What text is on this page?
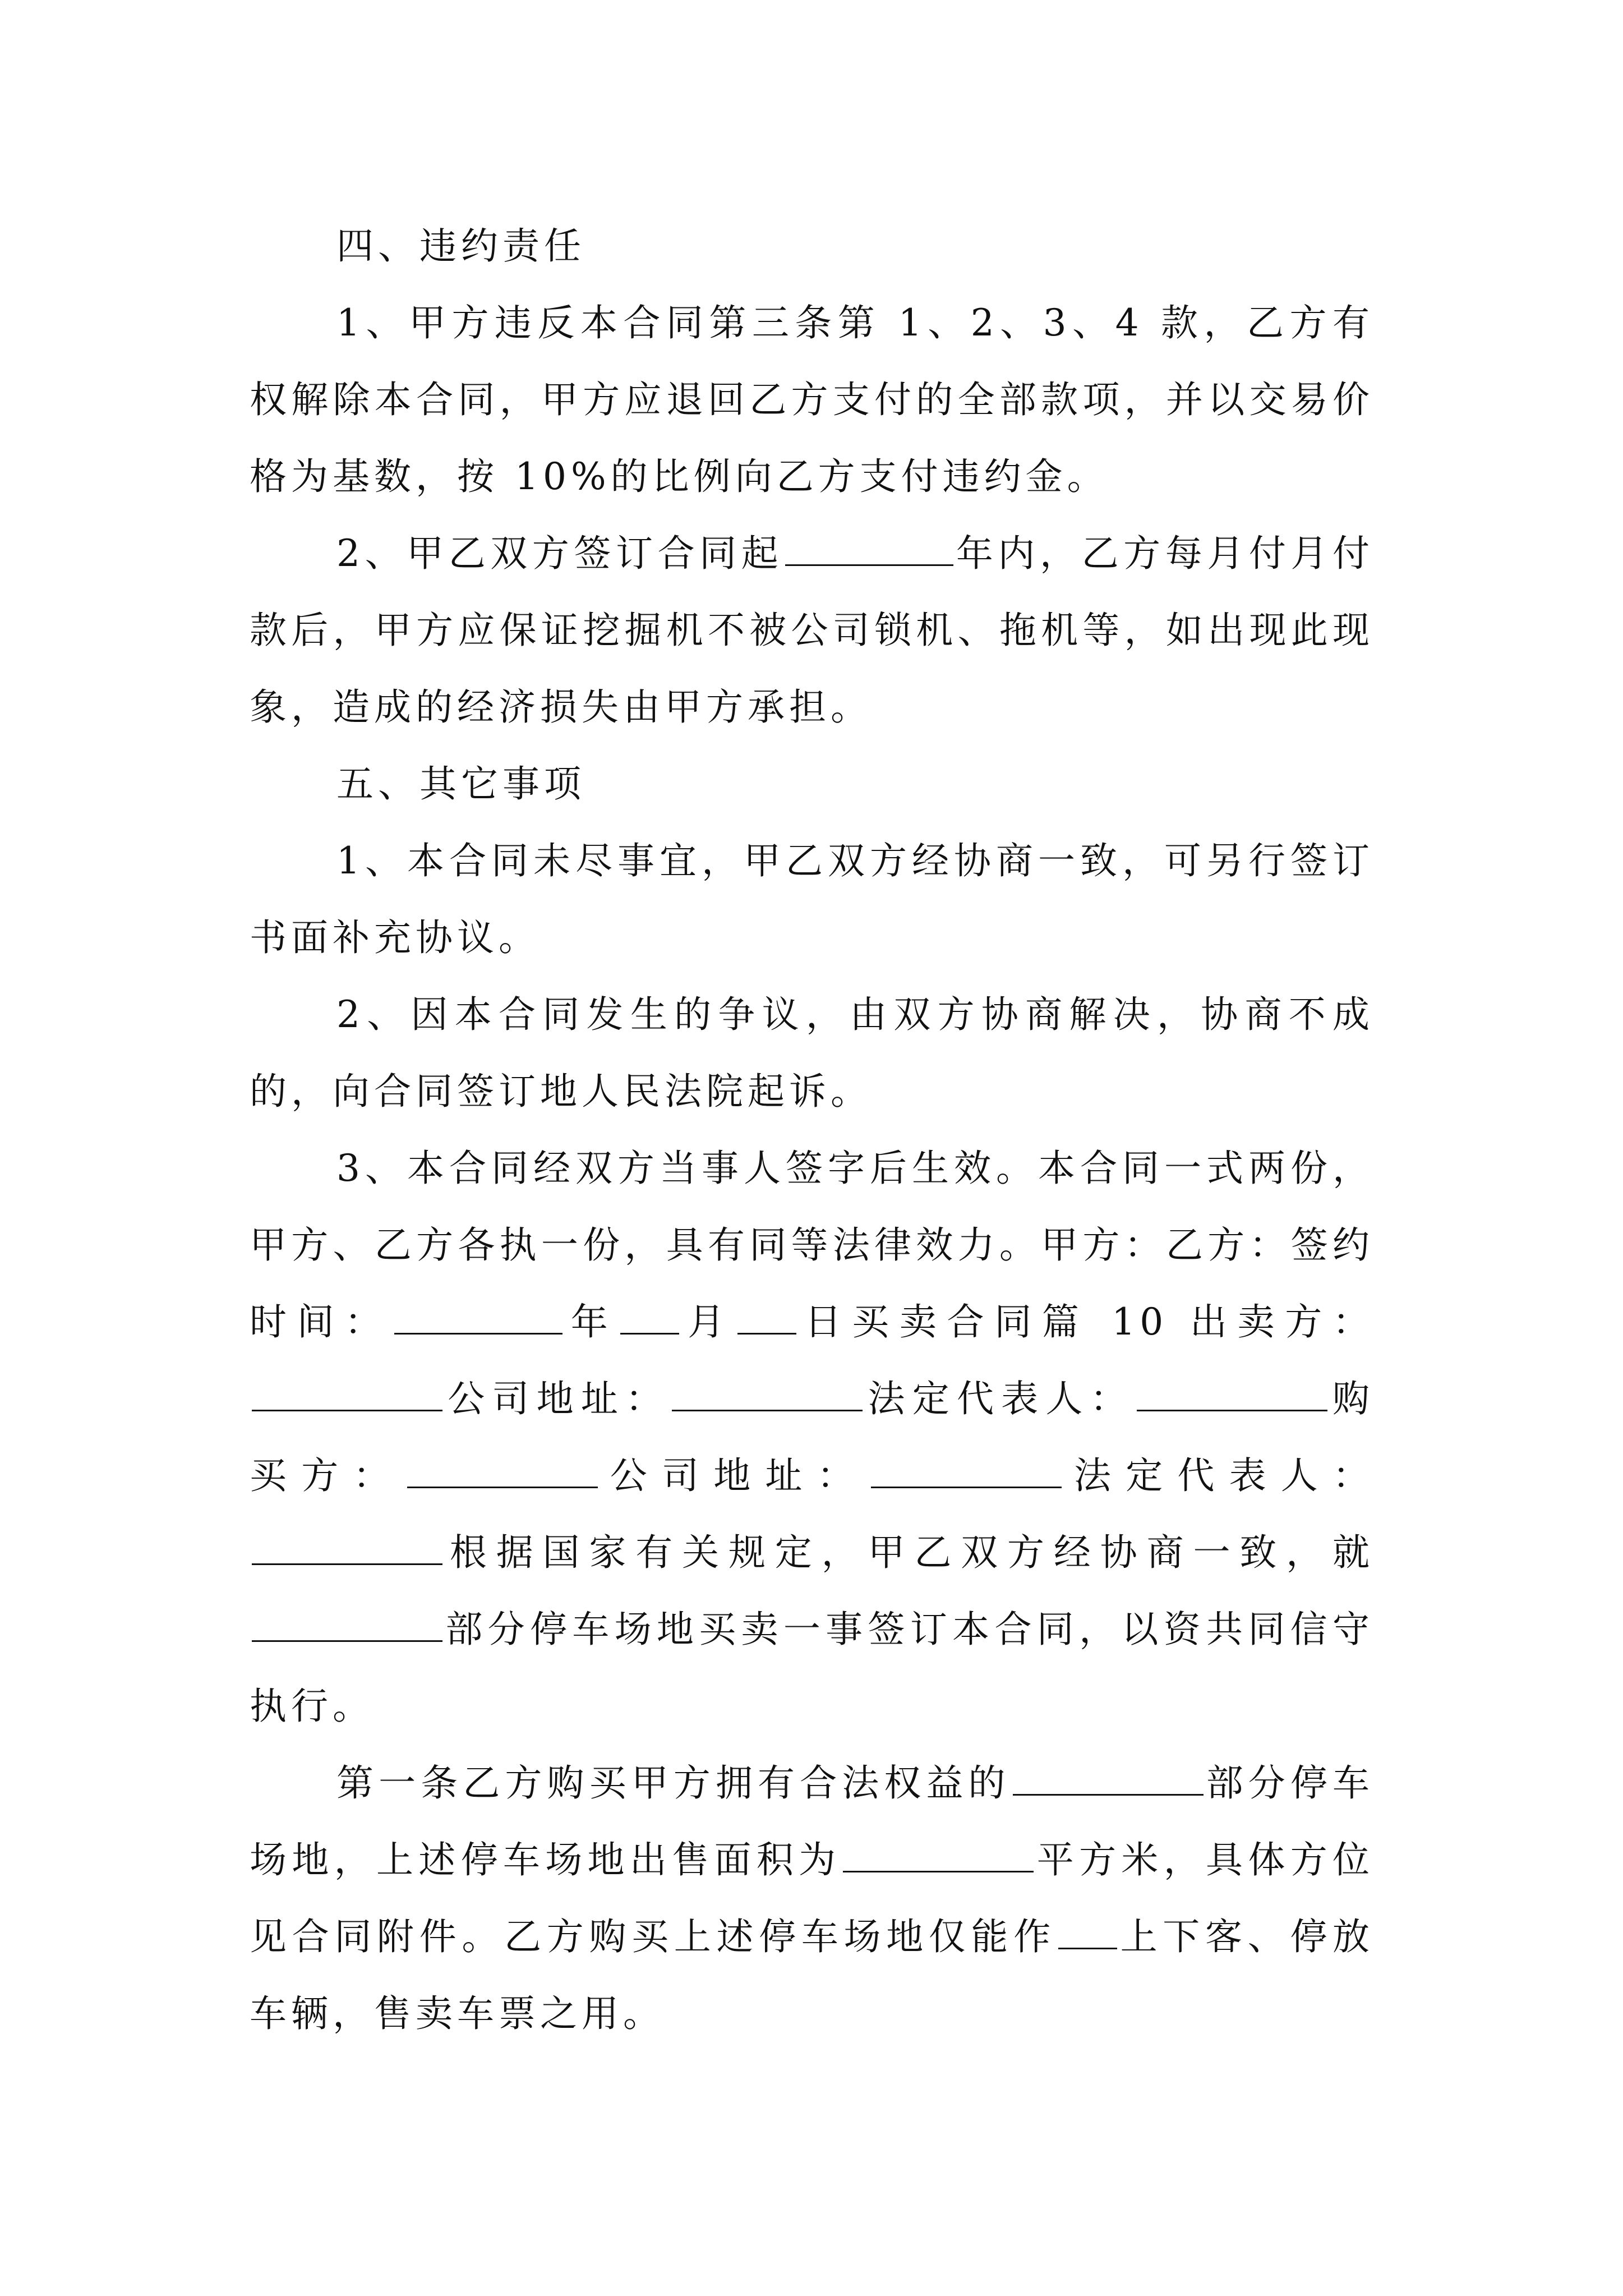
四、违约责任

1、甲方违反本合同第三条第 1、2、3、4 款，乙方有权解除本合同，甲方应退回乙方支付的全部款项，并以交易价格为基数，按 10%的比例向乙方支付违约金。

2、甲乙双方签订合同起	年内，乙方每月付月付款后，甲方应保证挖掘机不被公司锁机、拖机等，如出现此现象，造成的经济损失由甲方承担。

五、其它事项

1、本合同未尽事宜，甲乙双方经协商一致，可另行签订书面补充协议。

2、因本合同发生的争议，由双方协商解决，协商不成的，向合同签订地人民法院起诉。

3、本合同经双方当事人签字后生效。本合同一式两份，甲方、乙方各执一份，具有同等法律效力。甲方：乙方：签约时间：	年 月 日买卖合同篇 10 出卖方：公司地址：	法定代表人：	购买方：	公司地址：	法定代表人：根据国家有关规定，甲乙双方经协商一致，就部分停车场地买卖一事签订本合同，以资共同信守执行。

第一条乙方购买甲方拥有合法权益的	部分停车场地，上述停车场地出售面积为	平方米，具体方位见合同附件。乙方购买上述停车场地仅能作 上下客、停放车辆，售卖车票之用。
